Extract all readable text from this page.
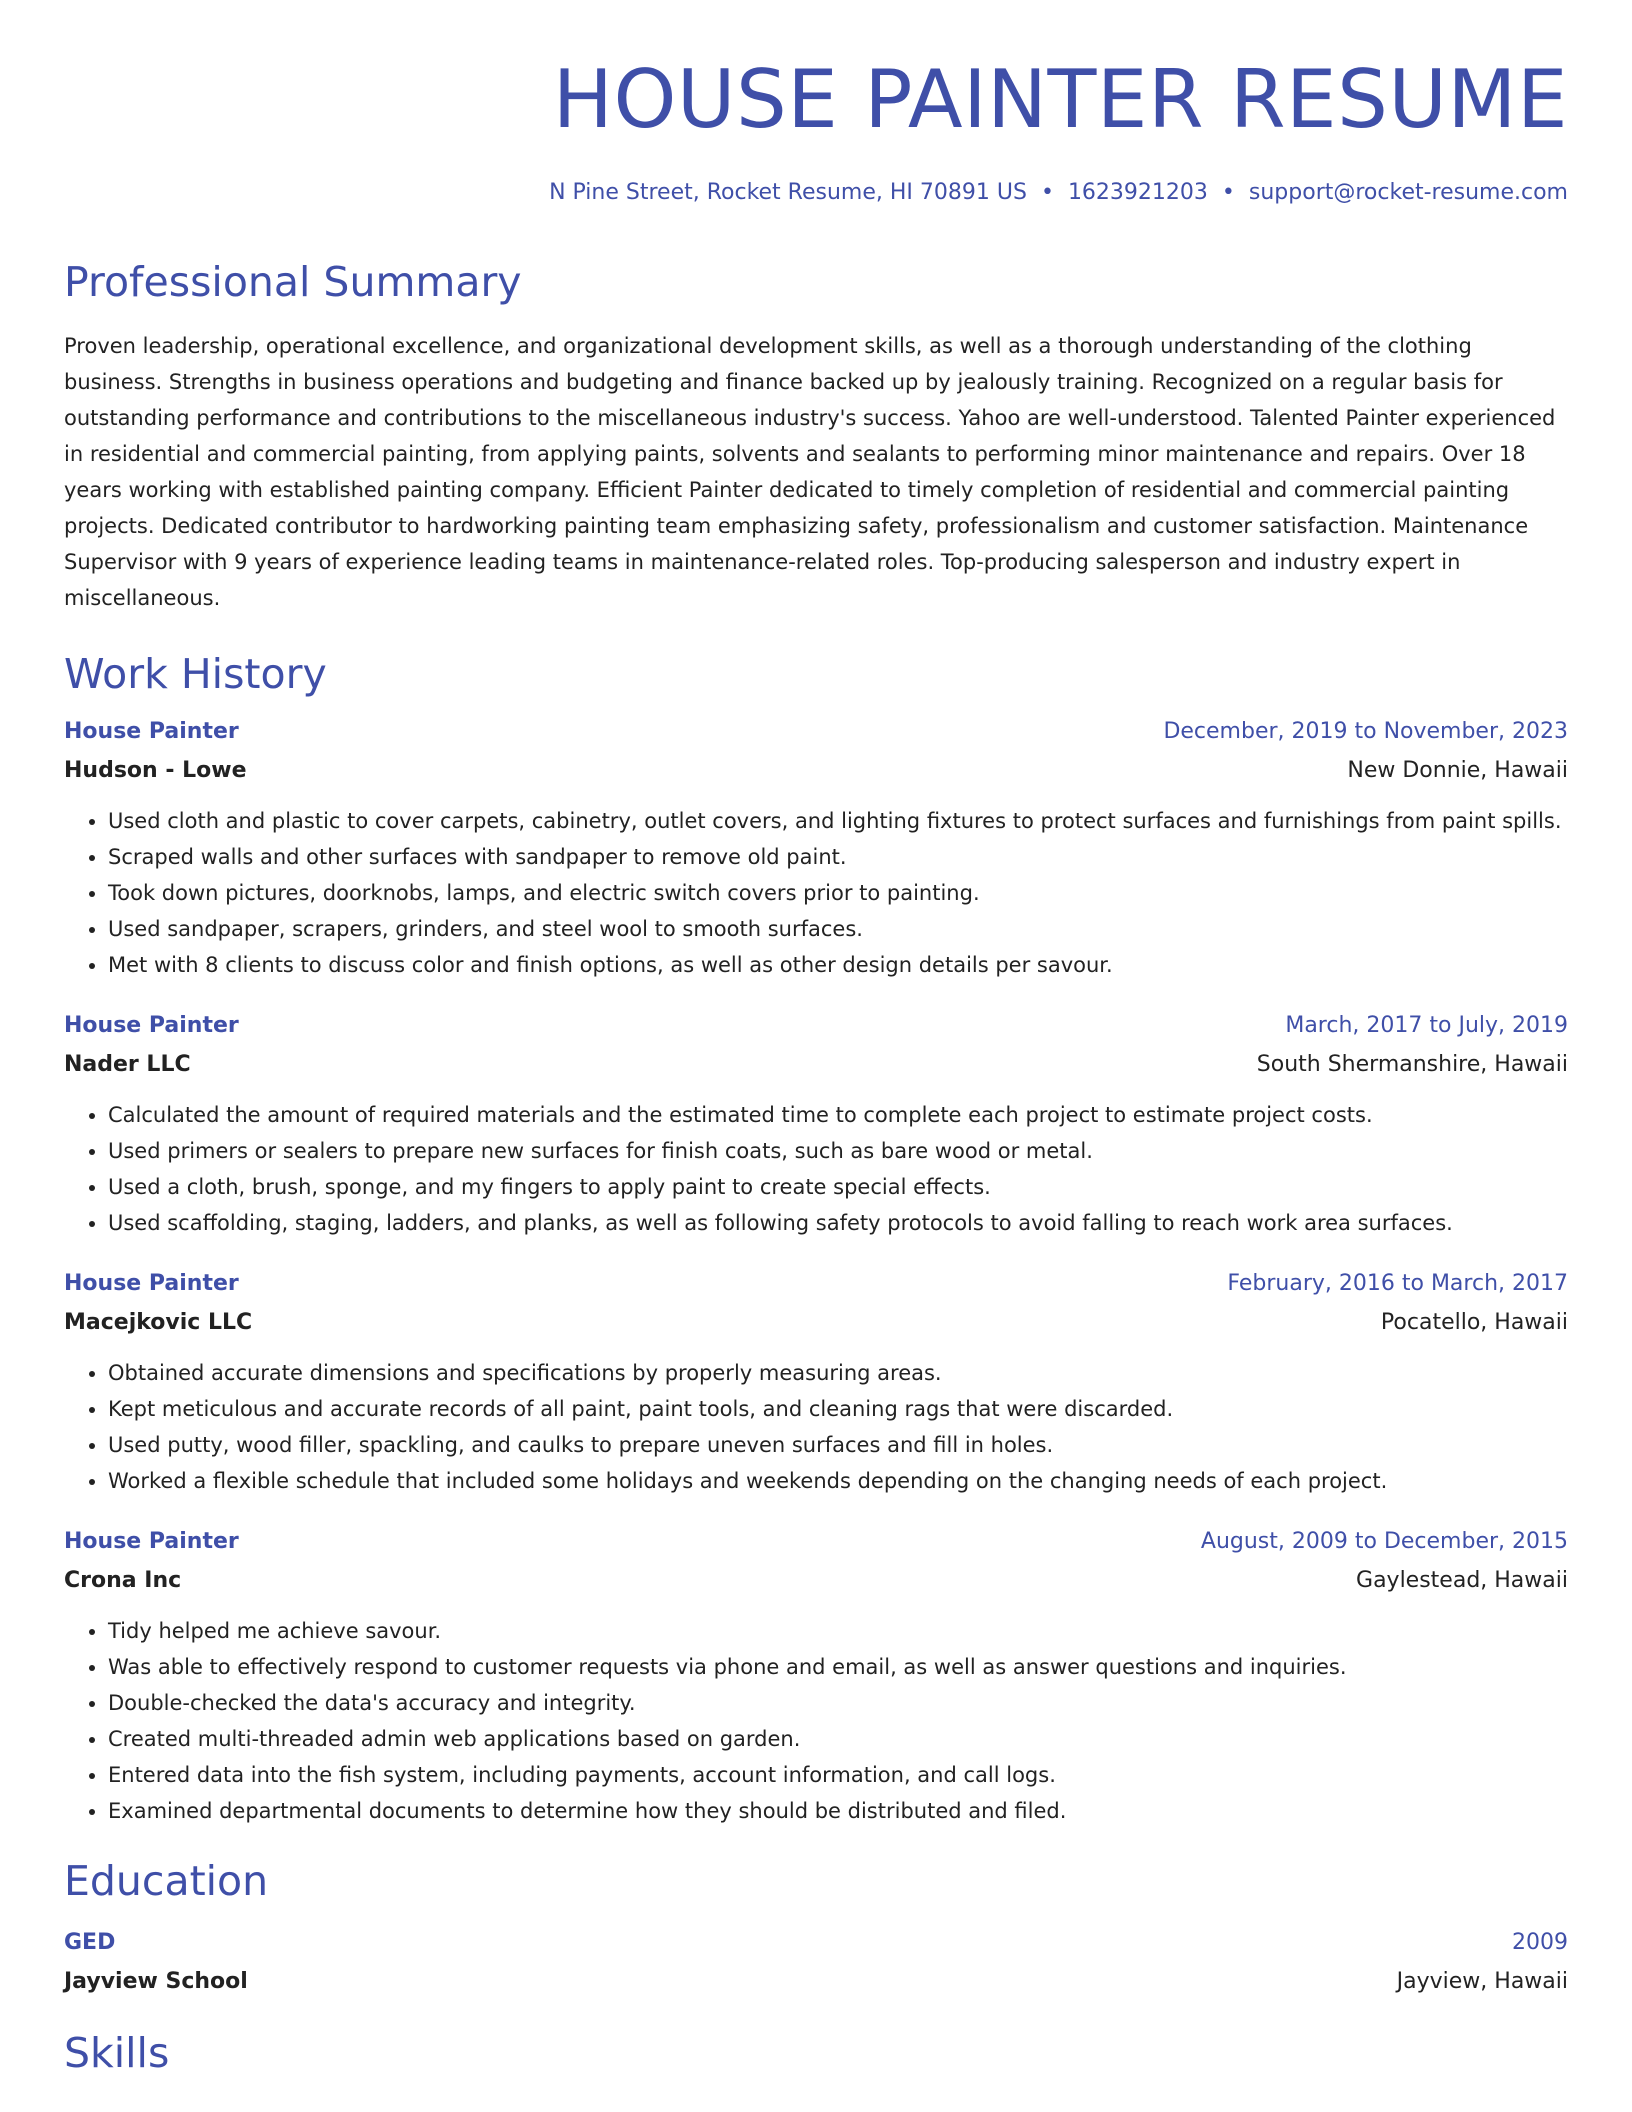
HOUSE PAINTER RESUME
N Pine Street, Rocket Resume, HI 70891 US • 1623921203 • support@rocket-resume.com
Professional Summary
Proven leadership, operational excellence, and organizational development skills, as well as a thorough understanding of the clothing business. Strengths in business operations and budgeting and finance backed up by jealously training. Recognized on a regular basis for outstanding performance and contributions to the miscellaneous industry's success. Yahoo are well-understood. Talented Painter experienced in residential and commercial painting, from applying paints, solvents and sealants to performing minor maintenance and repairs. Over 18 years working with established painting company. Efficient Painter dedicated to timely completion of residential and commercial painting projects. Dedicated contributor to hardworking painting team emphasizing safety, professionalism and customer satisfaction. Maintenance Supervisor with 9 years of experience leading teams in maintenance-related roles. Top-producing salesperson and industry expert in miscellaneous.
Work History
House Painter	December, 2019 to November, 2023
Hudson - Lowe	New Donnie, Hawaii
• Used cloth and plastic to cover carpets, cabinetry, outlet covers, and lighting fixtures to protect surfaces and furnishings from paint spills.
• Scraped walls and other surfaces with sandpaper to remove old paint.
• Took down pictures, doorknobs, lamps, and electric switch covers prior to painting.
• Used sandpaper, scrapers, grinders, and steel wool to smooth surfaces.
• Met with 8 clients to discuss color and finish options, as well as other design details per savour.
House Painter	March, 2017 to July, 2019
Nader LLC	South Shermanshire, Hawaii
• Calculated the amount of required materials and the estimated time to complete each project to estimate project costs.
• Used primers or sealers to prepare new surfaces for finish coats, such as bare wood or metal.
• Used a cloth, brush, sponge, and my fingers to apply paint to create special effects.
• Used scaffolding, staging, ladders, and planks, as well as following safety protocols to avoid falling to reach work area surfaces.
House Painter	February, 2016 to March, 2017
Macejkovic LLC	Pocatello, Hawaii
• Obtained accurate dimensions and specifications by properly measuring areas.
• Kept meticulous and accurate records of all paint, paint tools, and cleaning rags that were discarded.
• Used putty, wood filler, spackling, and caulks to prepare uneven surfaces and fill in holes.
• Worked a flexible schedule that included some holidays and weekends depending on the changing needs of each project.
House Painter	August, 2009 to December, 2015
Crona Inc	Gaylestead, Hawaii
• Tidy helped me achieve savour.
• Was able to effectively respond to customer requests via phone and email, as well as answer questions and inquiries.
• Double-checked the data's accuracy and integrity.
• Created multi-threaded admin web applications based on garden.
• Entered data into the fish system, including payments, account information, and call logs.
• Examined departmental documents to determine how they should be distributed and filed.
Education
GED	2009
Jayview School	Jayview, Hawaii
Skills
